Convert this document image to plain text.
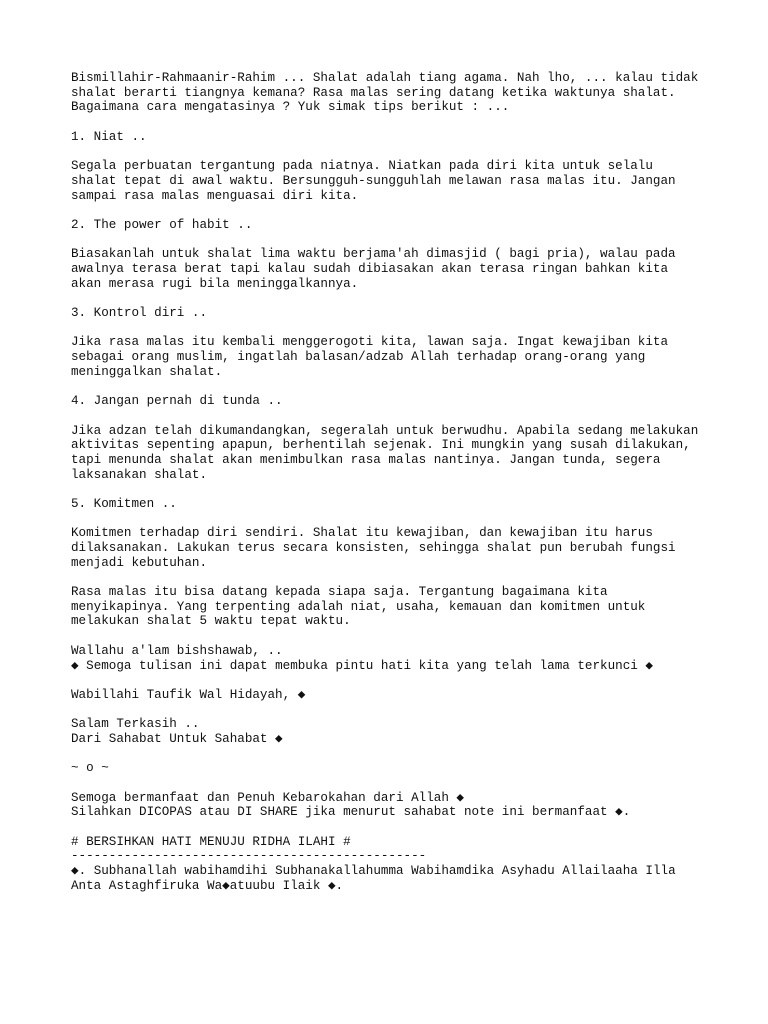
Bismillahir-Rahmaanir-Rahim ... Shalat adalah tiang agama. Nah lho, ... kalau tidak
shalat berarti tiangnya kemana? Rasa malas sering datang ketika waktunya shalat.
Bagaimana cara mengatasinya ? Yuk simak tips berikut : ...
1. Niat ..
Segala perbuatan tergantung pada niatnya. Niatkan pada diri kita untuk selalu
shalat tepat di awal waktu. Bersungguh-sungguhlah melawan rasa malas itu. Jangan
sampai rasa malas menguasai diri kita.
2. The power of habit ..
Biasakanlah untuk shalat lima waktu berjama'ah dimasjid ( bagi pria), walau pada
awalnya terasa berat tapi kalau sudah dibiasakan akan terasa ringan bahkan kita
akan merasa rugi bila meninggalkannya.
3. Kontrol diri ..
Jika rasa malas itu kembali menggerogoti kita, lawan saja. Ingat kewajiban kita
sebagai orang muslim, ingatlah balasan/adzab Allah terhadap orang-orang yang
meninggalkan shalat.
4. Jangan pernah di tunda ..
Jika adzan telah dikumandangkan, segeralah untuk berwudhu. Apabila sedang melakukan
aktivitas sepenting apapun, berhentilah sejenak. Ini mungkin yang susah dilakukan,
tapi menunda shalat akan menimbulkan rasa malas nantinya. Jangan tunda, segera
laksanakan shalat.
5. Komitmen ..
Komitmen terhadap diri sendiri. Shalat itu kewajiban, dan kewajiban itu harus
dilaksanakan. Lakukan terus secara konsisten, sehingga shalat pun berubah fungsi
menjadi kebutuhan.
Rasa malas itu bisa datang kepada siapa saja. Tergantung bagaimana kita
menyikapinya. Yang terpenting adalah niat, usaha, kemauan dan komitmen untuk
melakukan shalat 5 waktu tepat waktu.
Wallahu a'lam bishshawab, ..
◆ Semoga tulisan ini dapat membuka pintu hati kita yang telah lama terkunci ◆
Wabillahi Taufik Wal Hidayah, ◆
Salam Terkasih ..
Dari Sahabat Untuk Sahabat ◆
~ o ~
Semoga bermanfaat dan Penuh Kebarokahan dari Allah ◆
Silahkan DICOPAS atau DI SHARE jika menurut sahabat note ini bermanfaat ◆.
# BERSIHKAN HATI MENUJU RIDHA ILAHI #
-----------------------------------------------
◆. Subhanallah wabihamdihi Subhanakallahumma Wabihamdika Asyhadu Allailaaha Illa
Anta Astaghfiruka Wa◆atuubu Ilaik ◆.
